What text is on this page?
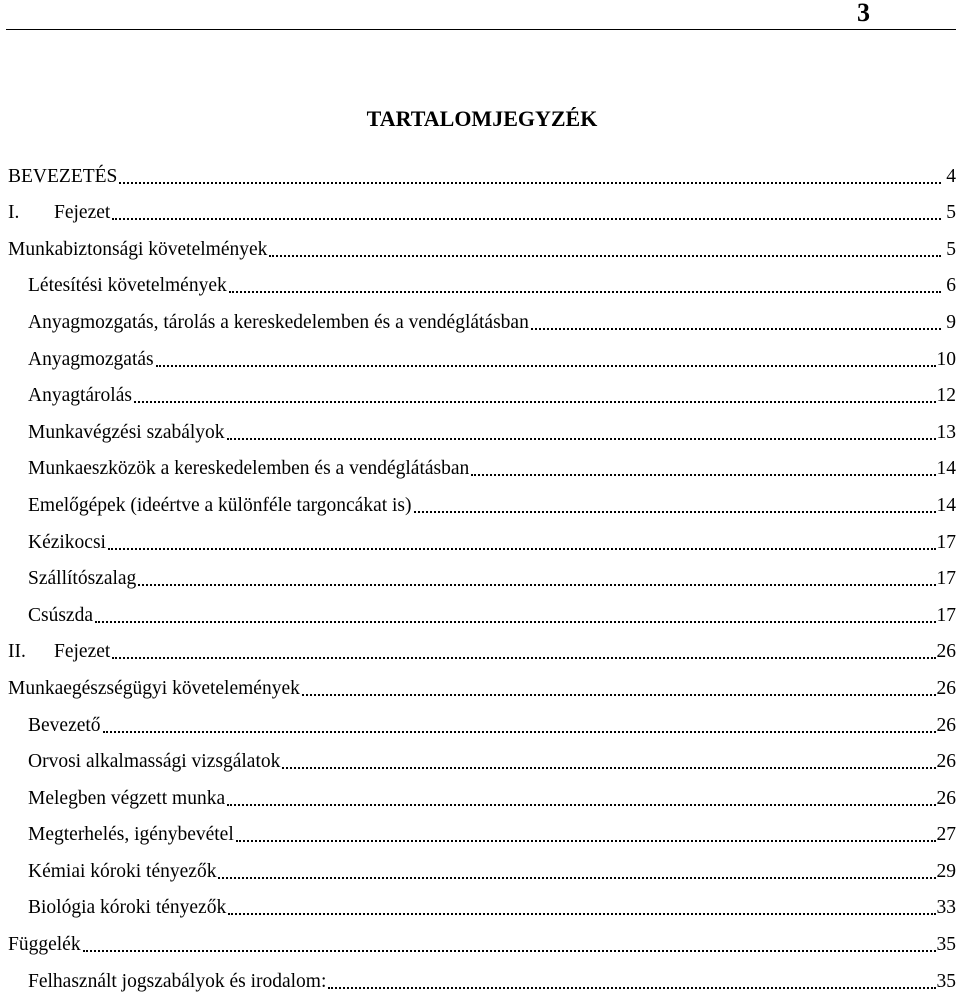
3
TARTALOMJEGYZÉK
BEVEZETÉS	4
I. Fejezet	5
Munkabiztonsági követelmények	5
Létesítési követelmények	6
Anyagmozgatás, tárolás a kereskedelemben és a vendéglátásban	9
Anyagmozgatás	10
Anyagtárolás	12
Munkavégzési szabályok	13
Munkaeszközök a kereskedelemben és a vendéglátásban	14
Emelőgépek (ideértve a különféle targoncákat is)	14
Kézikocsi	17
Szállítószalag	17
Csúszda	17
II. Fejezet	26
Munkaegészségügyi követelemények	26
Bevezető	26
Orvosi alkalmassági vizsgálatok	26
Melegben végzett munka	26
Megterhelés, igénybevétel	27
Kémiai kóroki tényezők	29
Biológia kóroki tényezők	33
Függelék	35
Felhasznált jogszabályok és irodalom:	35
